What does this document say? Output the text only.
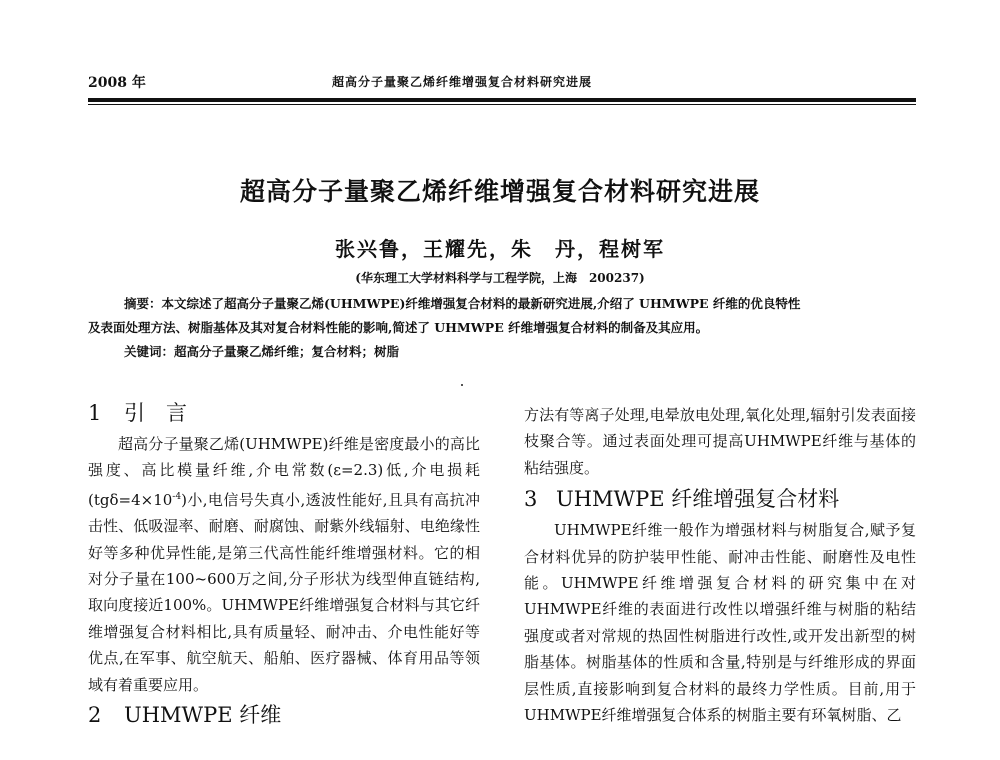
2008 年	超高分子量聚乙烯纤维增强复合材料研究进展
超高分子量聚乙烯纤维增强复合材料研究进展
张兴鲁，王耀先，朱　丹，程树军
(华东理工大学材料科学与工程学院，上海　200237)
摘要：本文综述了超高分子量聚乙烯(UHMWPE)纤维增强复合材料的最新研究进展,介绍了 UHMWPE 纤维的优良特性
及表面处理方法、树脂基体及其对复合材料性能的影响,简述了 UHMWPE 纤维增强复合材料的制备及其应用。
关键词：超高分子量聚乙烯纤维；复合材料；树脂
1 引　言

超高分子量聚乙烯(UHMWPE)纤维是密度最小的高比强度、高比模量纤维,介电常数(ε=2.3)低,介电损耗$(tg\delta=4\times 10^{-4})$小,电信号失真小,透波性能好,且具有高抗冲击性、低吸湿率、耐磨、耐腐蚀、耐紫外线辐射、电绝缘性好等多种优异性能,是第三代高性能纤维增强材料。它的相对分子量在100~600万之间,分子形状为线型伸直链结构,取向度接近100%。UHMWPE纤维增强复合材料与其它纤维增强复合材料相比,具有质量轻、耐冲击、介电性能好等优点,在军事、航空航天、船舶、医疗器械、体育用品等领域有着重要应用。

2 UHMWPE 纤维

方法有等离子处理,电晕放电处理,氧化处理,辐射引发表面接枝聚合等。通过表面处理可提高UHMWPE纤维与基体的粘结强度。

3 UHMWPE 纤维增强复合材料

UHMWPE纤维一般作为增强材料与树脂复合,赋予复合材料优异的防护装甲性能、耐冲击性能、耐磨性及电性能。UHMWPE纤维增强复合材料的研究集中在对UHMWPE纤维的表面进行改性以增强纤维与树脂的粘结强度或者对常规的热固性树脂进行改性,或开发出新型的树脂基体。树脂基体的性质和含量,特别是与纤维形成的界面层性质,直接影响到复合材料的最终力学性质。目前,用于UHMWPE纤维增强复合体系的树脂主要有环氧树脂、乙
